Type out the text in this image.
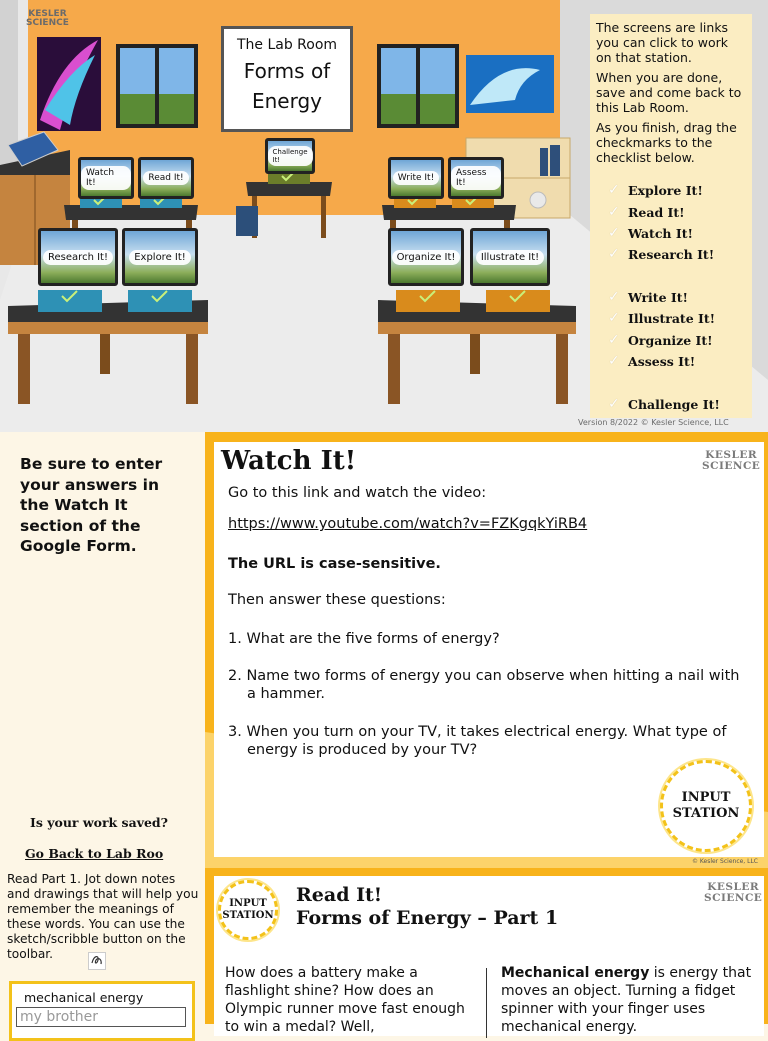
KESLER
SCIENCE
The Lab Room
Forms of
Energy
Challenge It!
Watch It!	Read It!	Write It!	Assess It!
Research It!	Explore It!	Organize It!	Illustrate It!

The screens are links you can click to work on that station.

When you are done, save and come back to this Lab Room.

As you finish, drag the checkmarks to the checklist below.

✓ Explore It!
✓ Read It!
✓ Watch It!
✓ Research It!
✓ Write It!
✓ Illustrate It!
✓ Organize It!
✓ Assess It!
✓ Challenge It!
Version 8/2022 © Kesler Science, LLC
Be sure to enter your answers in the Watch It section of the Google Form.
Is your work saved?
Go Back to Lab Roo
Read Part 1. Jot down notes and drawings that will help you remember the meanings of these words. You can use the sketch/scribble button on the toolbar.
mechanical energy
my brother
Watch It!	KESLER
SCIENCE
Go to this link and watch the video:
https://www.youtube.com/watch?v=FZKgqkYiRB4
The URL is case-sensitive.
Then answer these questions:
1. What are the five forms of energy?
2. Name two forms of energy you can observe when hitting a nail with a hammer.
3. When you turn on your TV, it takes electrical energy. What type of energy is produced by your TV?
INPUT
STATION
© Kesler Science, LLC
INPUT
STATION
Read It!
Forms of Energy – Part 1
KESLER
SCIENCE
How does a battery make a flashlight shine? How does an Olympic runner move fast enough to win a medal? Well,
Mechanical energy is energy that moves an object. Turning a fidget spinner with your finger uses mechanical energy.
